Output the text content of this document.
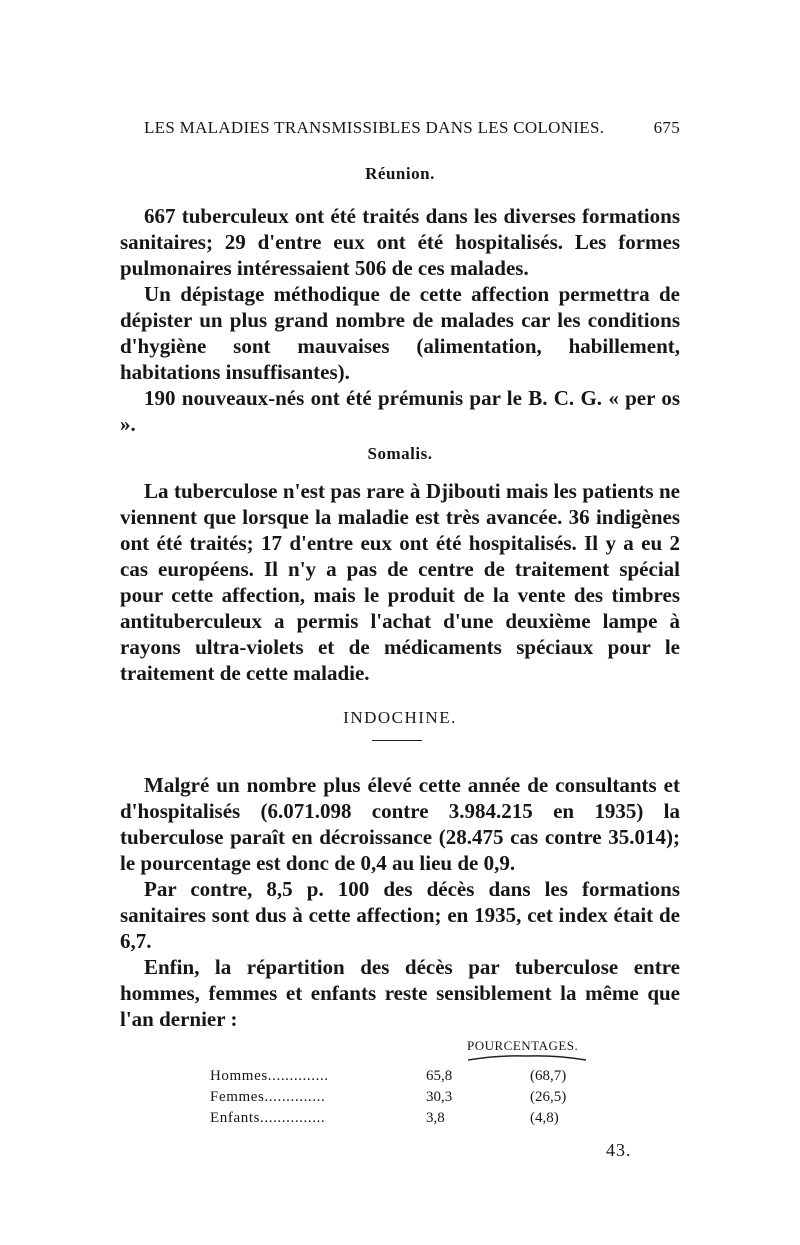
LES MALADIES TRANSMISSIBLES DANS LES COLONIES.	675
Réunion.

667 tuberculeux ont été traités dans les diverses formations sanitaires; 29 d'entre eux ont été hospitalisés. Les formes pulmonaires intéressaient 506 de ces malades.

Un dépistage méthodique de cette affection permettra de dépister un plus grand nombre de malades car les conditions d'hygiène sont mauvaises (alimentation, habillement, habitations insuffisantes).

190 nouveaux-nés ont été prémunis par le B. C. G. « per os ».

Somalis.

La tuberculose n'est pas rare à Djibouti mais les patients ne viennent que lorsque la maladie est très avancée. 36 indigènes ont été traités; 17 d'entre eux ont été hospitalisés. Il y a eu 2 cas européens. Il n'y a pas de centre de traitement spécial pour cette affection, mais le produit de la vente des timbres antituberculeux a permis l'achat d'une deuxième lampe à rayons ultra-violets et de médicaments spéciaux pour le traitement de cette maladie.

INDOCHINE.

Malgré un nombre plus élevé cette année de consultants et d'hospitalisés (6.071.098 contre 3.984.215 en 1935) la tuberculose paraît en décroissance (28.475 cas contre 35.014); le pourcentage est donc de 0,4 au lieu de 0,9.

Par contre, 8,5 p. 100 des décès dans les formations sanitaires sont dus à cette affection; en 1935, cet index était de 6,7.

Enfin, la répartition des décès par tuberculose entre hommes, femmes et enfants reste sensiblement la même que l'an dernier :

POURCENTAGES.
Hommes..............	65,8	(68,7)
Femmes..............	30,3	(26,5)
Enfants...............	3,8	(4,8)
43.
